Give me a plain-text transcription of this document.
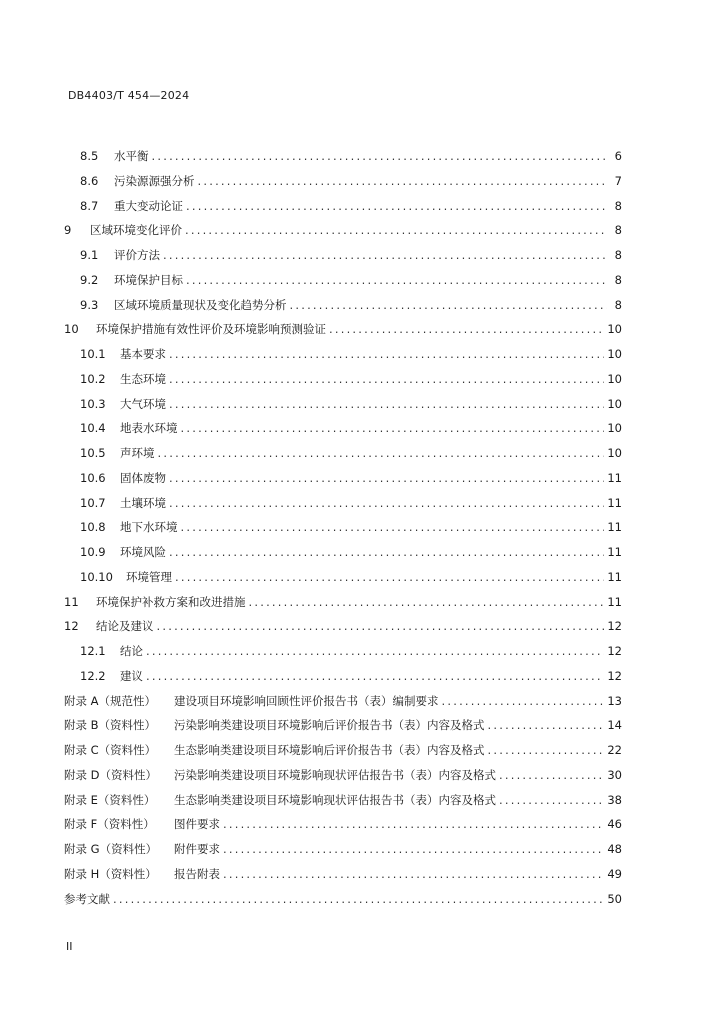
DB4403/T 454—2024
8.5	水平衡 .....	6
8.6	污染源源强分析 .....	7
8.7	重大变动论证 .....	8
9	区域环境变化评价 .....	8
9.1	评价方法 .....	8
9.2	环境保护目标 .....	8
9.3	区域环境质量现状及变化趋势分析 .....	8
10	环境保护措施有效性评价及环境影响预测验证 .....	10
10.1	基本要求 .....	10
10.2	生态环境 .....	10
10.3	大气环境 .....	10
10.4	地表水环境 .....	10
10.5	声环境 .....	10
10.6	固体废物 .....	11
10.7	土壤环境 .....	11
10.8	地下水环境 .....	11
10.9	环境风险 .....	11
10.10	环境管理 .....	11
11	环境保护补救方案和改进措施 .....	11
12	结论及建议 .....	12
12.1	结论 .....	12
12.2	建议 .....	12
附录 A（规范性）	建设项目环境影响回顾性评价报告书（表）编制要求 .....	13
附录 B（资料性）	污染影响类建设项目环境影响后评价报告书（表）内容及格式 .....	14
附录 C（资料性）	生态影响类建设项目环境影响后评价报告书（表）内容及格式 .....	22
附录 D（资料性）	污染影响类建设项目环境影响现状评估报告书（表）内容及格式 .....	30
附录 E（资料性）	生态影响类建设项目环境影响现状评估报告书（表）内容及格式 .....	38
附录 F（资料性）	图件要求 .....	46
附录 G（资料性）	附件要求 .....	48
附录 H（资料性）	报告附表 .....	49
参考文献 .....	50
II
